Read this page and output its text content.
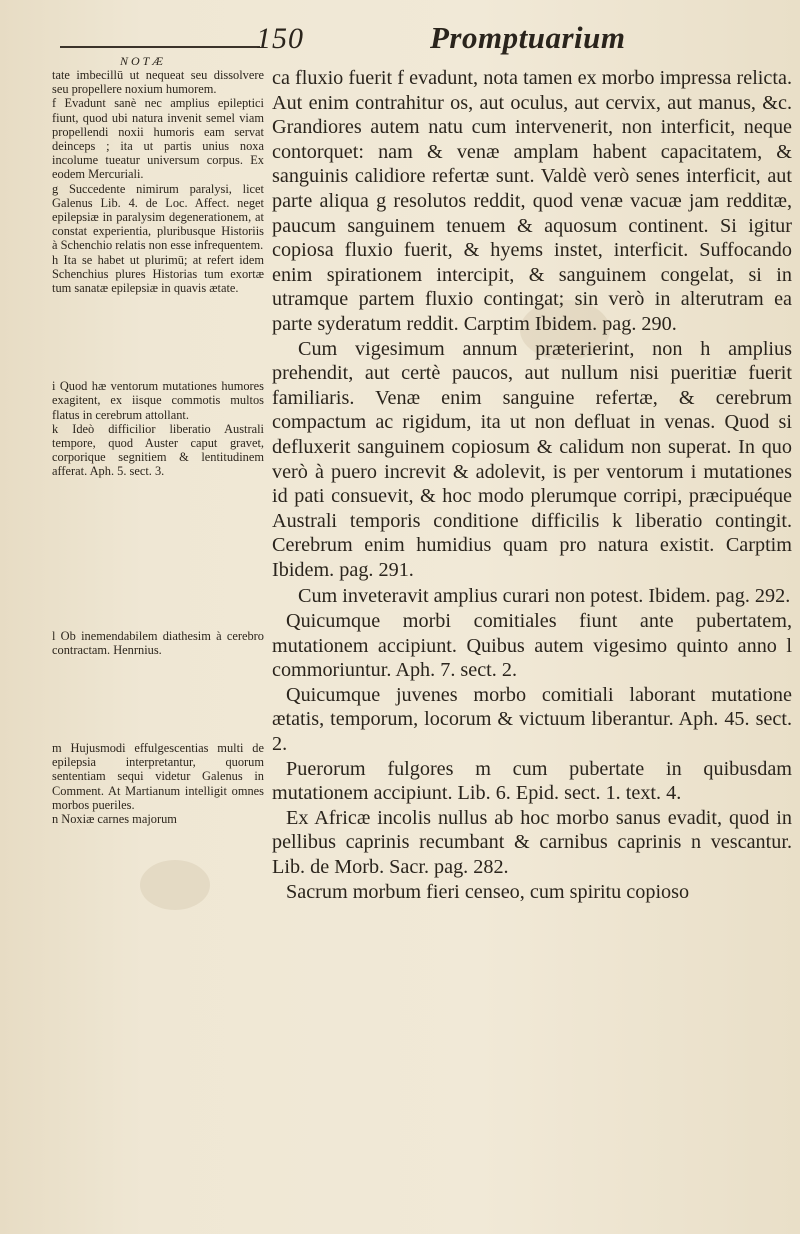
150	Promptuarium
NOTÆ

tate imbecillū ut nequeat seu dissolvere seu propellere noxium humorem.

f Evadunt sanè nec amplius epileptici fiunt, quod ubi natura invenit semel viam propellendi noxii humoris eam servat deinceps ; ita ut partis unius noxa incolume tueatur universum corpus. Ex eodem Mercuriali.

g Succedente nimirum paralysi, licet Galenus Lib. 4. de Loc. Affect. neget epilepsiæ in paralysim degenerationem, at constat experientia, pluribusque Historiis à Schenchio relatis non esse infrequentem.

h Ita se habet ut plurimū; at refert idem Schenchius plures Historias tum exortæ tum sanatæ epilepsiæ in quavis ætate.

i Quod hæ ventorum mutationes humores exagitent, ex iisque commotis multos flatus in cerebrum attollant.

k Ideò difficilior liberatio Australi tempore, quod Auster caput gravet, corporique segnitiem & lentitudinem afferat. Aph. 5. sect. 3.

l Ob inemendabilem diathesim à cerebro contractam. Henrnius.

m Hujusmodi effulgescentias multi de epilepsia interpretantur, quorum sententiam sequi videtur Galenus in Comment. At Martianum intelligit omnes morbos pueriles.

n Noxiæ carnes majorum

ca fluxio fuerit f evadunt, nota tamen ex morbo impressa relicta. Aut enim contrahitur os, aut oculus, aut cervix, aut manus, &c. Grandiores autem natu cum intervenerit, non interficit, neque contorquet: nam & venæ amplam habent capacitatem, & sanguinis calidiore refertæ sunt. Valdè verò senes interficit, aut parte aliqua g resolutos reddit, quod venæ vacuæ jam redditæ, paucum sanguinem tenuem & aquosum continent. Si igitur copiosa fluxio fuerit, & hyems instet, interficit. Suffocando enim spirationem intercipit, & sanguinem congelat, si in utramque partem fluxio contingat; sin verò in alterutram ea parte syderatum reddit. Carptim Ibidem. pag. 290.

Cum vigesimum annum præterierint, non h amplius prehendit, aut certè paucos, aut nullum nisi pueritiæ fuerit familiaris. Venæ enim sanguine refertæ, & cerebrum compactum ac rigidum, ita ut non defluat in venas. Quod si defluxerit sanguinem copiosum & calidum non superat. In quo verò à puero increvit & adolevit, is per ventorum i mutationes id pati consuevit, & hoc modo plerumque corripi, præcipuéque Australi temporis conditione difficilis k liberatio contingit. Cerebrum enim humidius quam pro natura existit. Carptim Ibidem. pag. 291.

Cum inveteravit amplius curari non potest. Ibidem. pag. 292.

Quicumque morbi comitiales fiunt ante pubertatem, mutationem accipiunt. Quibus autem vigesimo quinto anno l commoriuntur. Aph. 7. sect. 2.

Quicumque juvenes morbo comitiali laborant mutatione ætatis, temporum, locorum & victuum liberantur. Aph. 45. sect. 2.

Puerorum fulgores m cum pubertate in quibusdam mutationem accipiunt. Lib. 6. Epid. sect. 1. text. 4.

Ex Africæ incolis nullus ab hoc morbo sanus evadit, quod in pellibus caprinis recumbant & carnibus caprinis n vescantur. Lib. de Morb. Sacr. pag. 282.

Sacrum morbum fieri censeo, cum spiritu copioso
